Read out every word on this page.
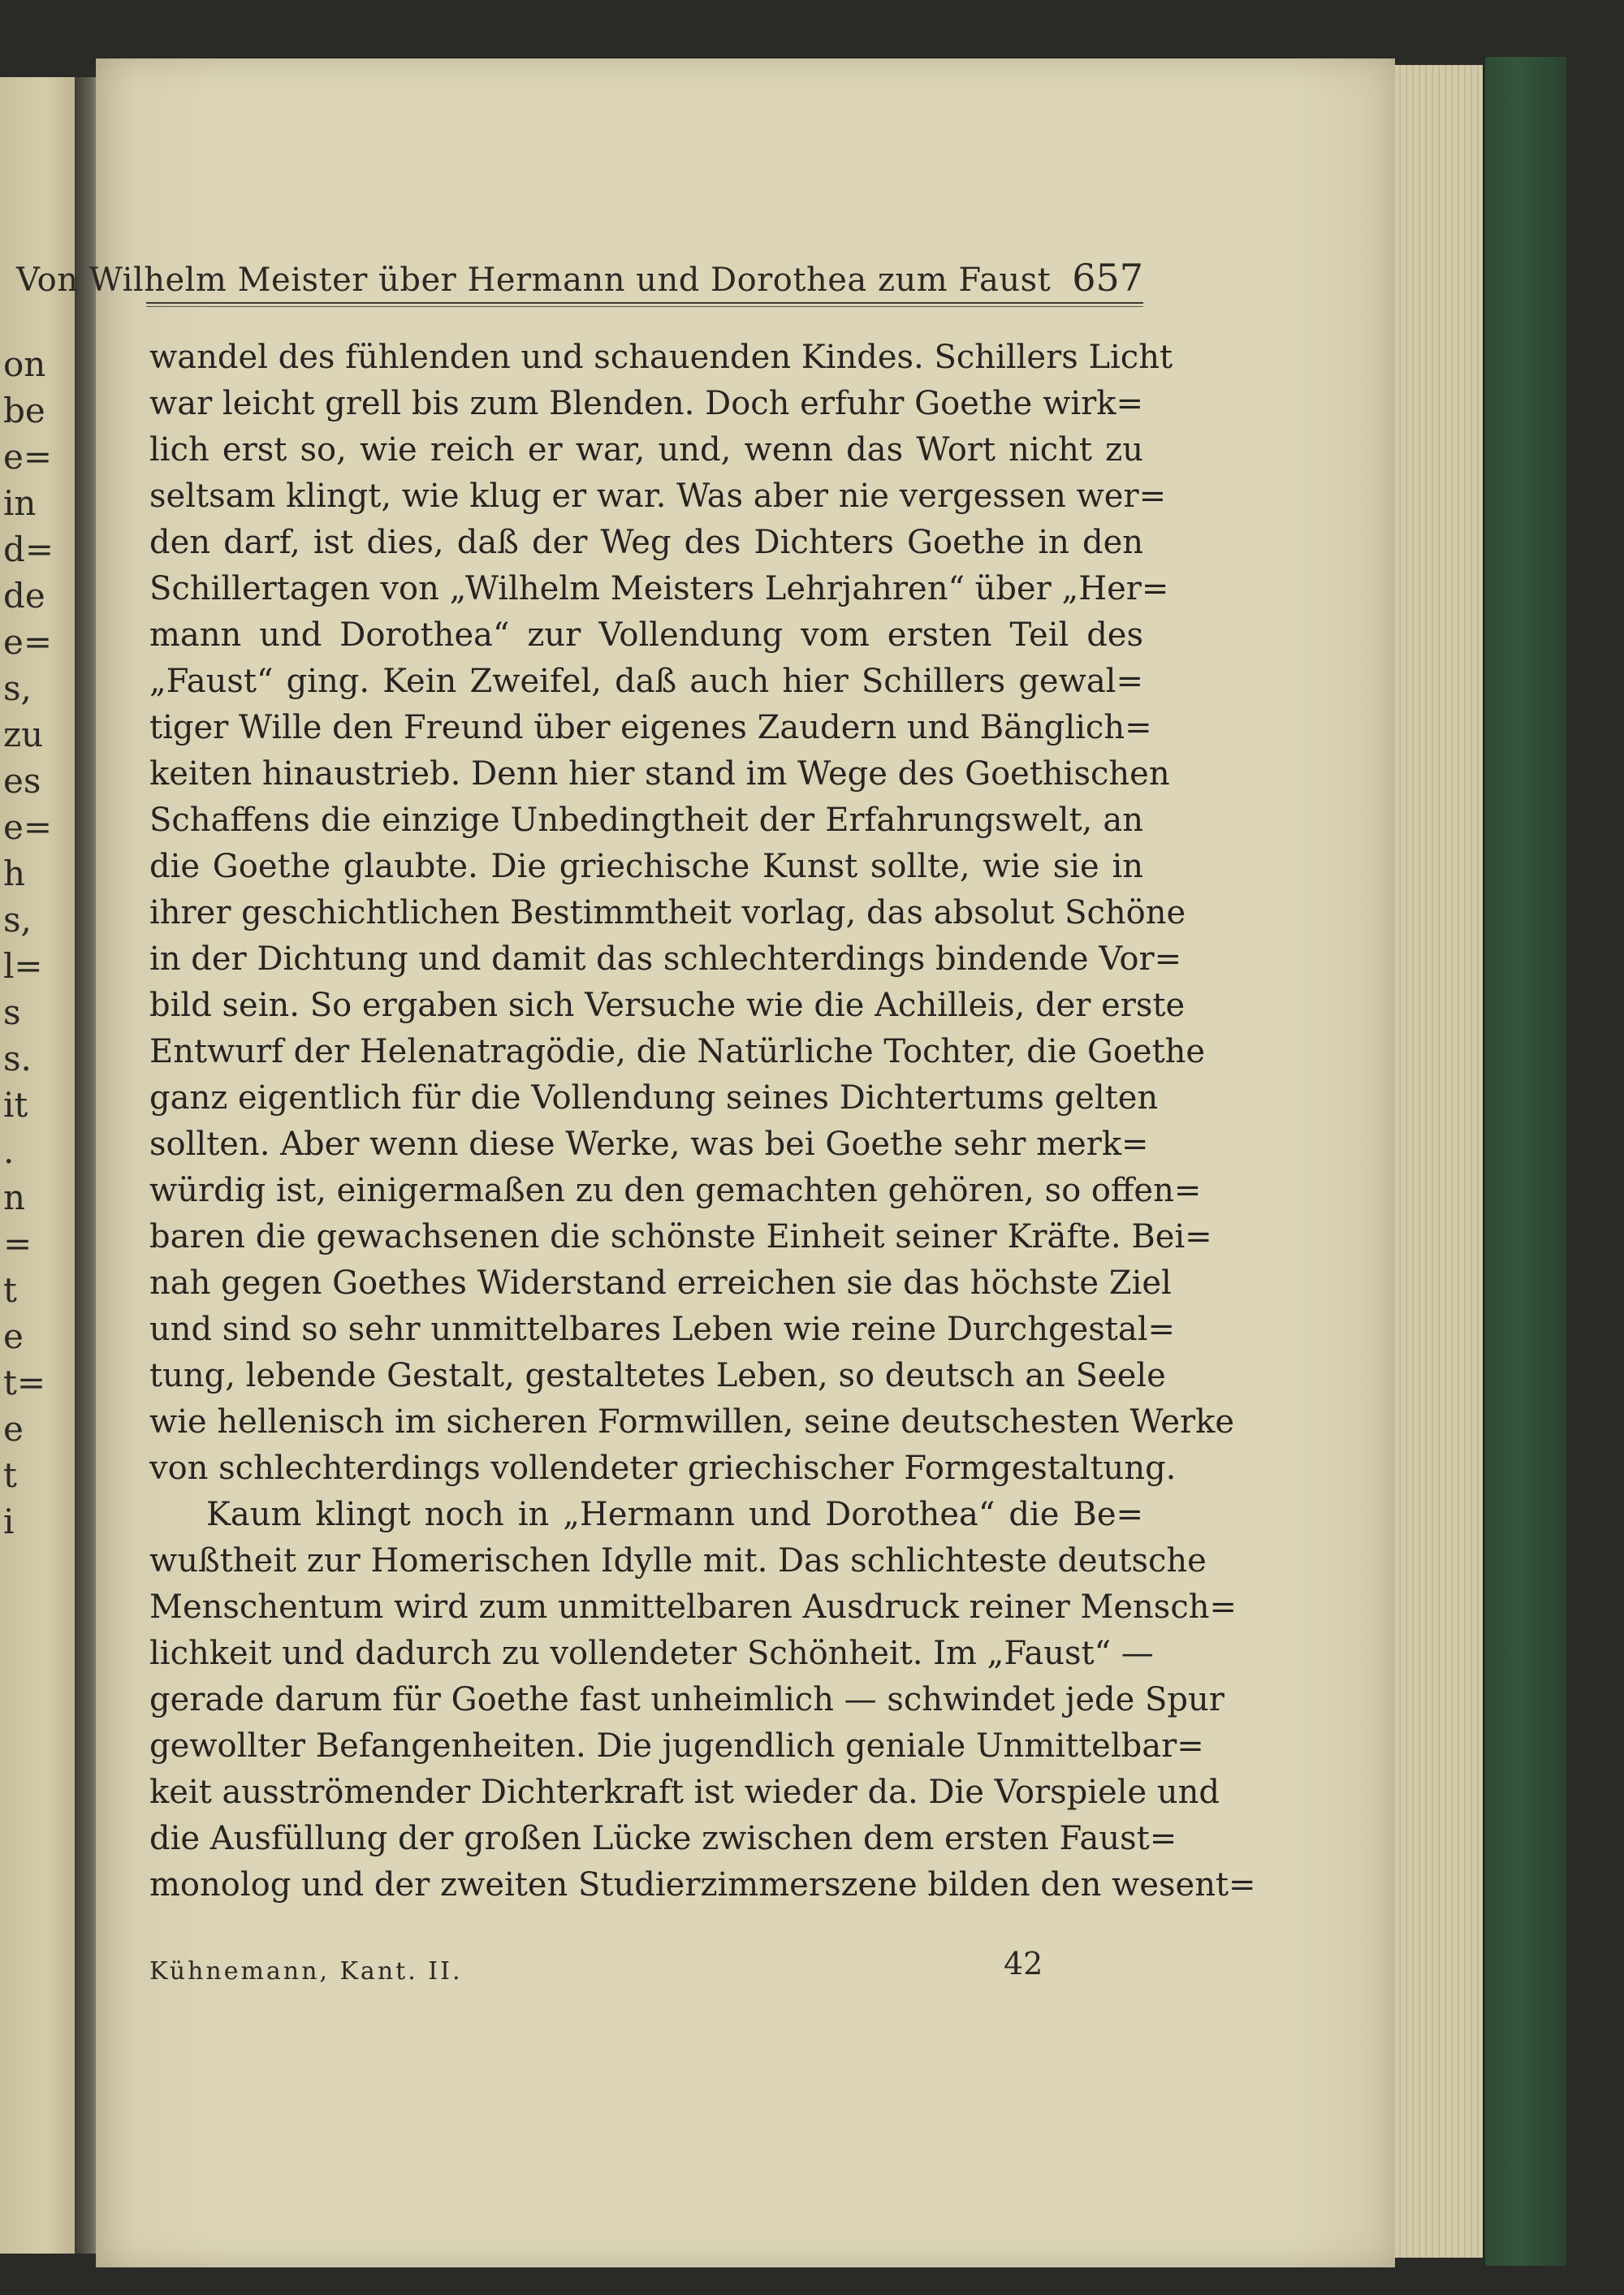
on
be
e=
in
d=
de
e=
s,
zu
es
e=
h
s,
l=
s
s.
it
.
n
=
t
e
t=
e
t
i
Von Wilhelm Meister über Hermann und Dorothea zum Faust 657
wandel des fühlenden und schauenden Kindes. Schillers Licht
war leicht grell bis zum Blenden. Doch erfuhr Goethe wirk=
lich erst so, wie reich er war, und, wenn das Wort nicht zu
seltsam klingt, wie klug er war. Was aber nie vergessen wer=
den darf, ist dies, daß der Weg des Dichters Goethe in den
Schillertagen von „Wilhelm Meisters Lehrjahren“ über „Her=
mann und Dorothea“ zur Vollendung vom ersten Teil des
„Faust“ ging. Kein Zweifel, daß auch hier Schillers gewal=
tiger Wille den Freund über eigenes Zaudern und Bänglich=
keiten hinaustrieb. Denn hier stand im Wege des Goethischen
Schaffens die einzige Unbedingtheit der Erfahrungswelt, an
die Goethe glaubte. Die griechische Kunst sollte, wie sie in
ihrer geschichtlichen Bestimmtheit vorlag, das absolut Schöne
in der Dichtung und damit das schlechterdings bindende Vor=
bild sein. So ergaben sich Versuche wie die Achilleis, der erste
Entwurf der Helenatragödie, die Natürliche Tochter, die Goethe
ganz eigentlich für die Vollendung seines Dichtertums gelten
sollten. Aber wenn diese Werke, was bei Goethe sehr merk=
würdig ist, einigermaßen zu den gemachten gehören, so offen=
baren die gewachsenen die schönste Einheit seiner Kräfte. Bei=
nah gegen Goethes Widerstand erreichen sie das höchste Ziel
und sind so sehr unmittelbares Leben wie reine Durchgestal=
tung, lebende Gestalt, gestaltetes Leben, so deutsch an Seele
wie hellenisch im sicheren Formwillen, seine deutschesten Werke
von schlechterdings vollendeter griechischer Formgestaltung.
Kaum klingt noch in „Hermann und Dorothea“ die Be=
wußtheit zur Homerischen Idylle mit. Das schlichteste deutsche
Menschentum wird zum unmittelbaren Ausdruck reiner Mensch=
lichkeit und dadurch zu vollendeter Schönheit. Im „Faust“ —
gerade darum für Goethe fast unheimlich — schwindet jede Spur
gewollter Befangenheiten. Die jugendlich geniale Unmittelbar=
keit ausströmender Dichterkraft ist wieder da. Die Vorspiele und
die Ausfüllung der großen Lücke zwischen dem ersten Faust=
monolog und der zweiten Studierzimmerszene bilden den wesent=
Kühnemann, Kant. II.	42
